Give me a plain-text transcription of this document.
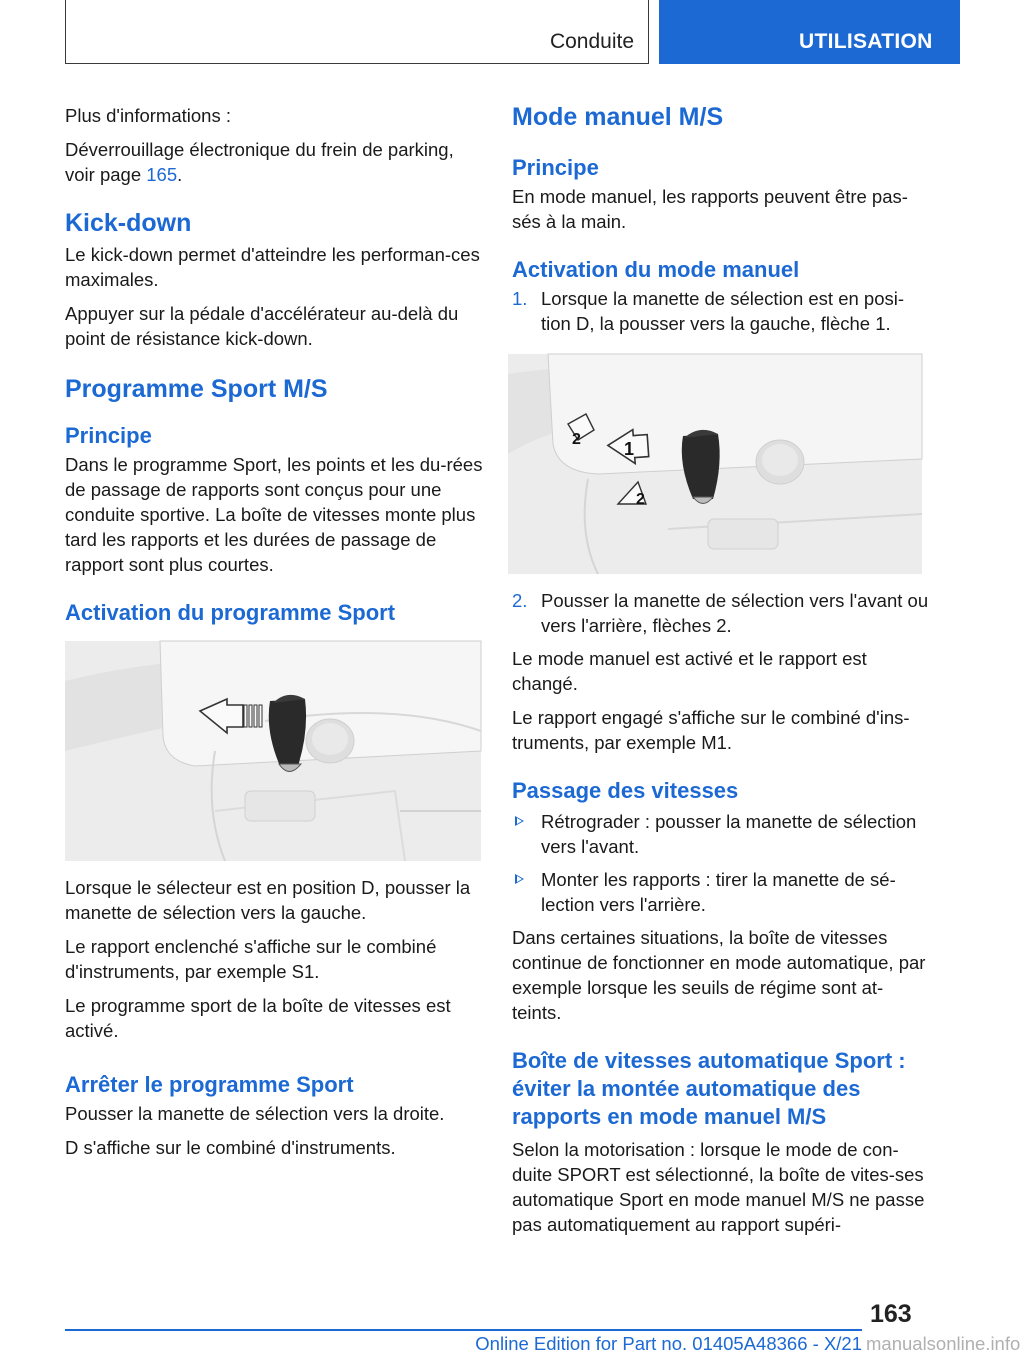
Conduite	UTILISATION

Plus d'informations :

Déverrouillage électronique du frein de parking, voir page 165.

Kick-down

Le kick-down permet d'atteindre les performan-ces maximales.

Appuyer sur la pédale d'accélérateur au-delà du point de résistance kick-down.

Programme Sport M/S
Principe

Dans le programme Sport, les points et les du-rées de passage de rapports sont conçus pour une conduite sportive. La boîte de vitesses monte plus tard les rapports et les durées de passage de rapport sont plus courtes.

Activation du programme Sport

Lorsque le sélecteur est en position D, pousser la manette de sélection vers la gauche.

Le rapport enclenché s'affiche sur le combiné d'instruments, par exemple S1.

Le programme sport de la boîte de vitesses est activé.

Arrêter le programme Sport

Pousser la manette de sélection vers la droite.

D s'affiche sur le combiné d'instruments.

Mode manuel M/S
Principe

En mode manuel, les rapports peuvent être pas-sés à la main.

Activation du mode manuel
1. Lorsque la manette de sélection est en posi-tion D, la pousser vers la gauche, flèche 1.
1
2
2
2. Pousser la manette de sélection vers l'avant ou vers l'arrière, flèches 2.

Le mode manuel est activé et le rapport est changé.

Le rapport engagé s'affiche sur le combiné d'ins-truments, par exemple M1.

Passage des vitesses
Rétrograder : pousser la manette de sélection vers l'avant.
Monter les rapports : tirer la manette de sé-lection vers l'arrière.

Dans certaines situations, la boîte de vitesses continue de fonctionner en mode automatique, par exemple lorsque les seuils de régime sont at-teints.

Boîte de vitesses automatique Sport : éviter la montée automatique des rapports en mode manuel M/S

Selon la motorisation : lorsque le mode de con-duite SPORT est sélectionné, la boîte de vites-ses automatique Sport en mode manuel M/S ne passe pas automatiquement au rapport supéri-

163
Online Edition for Part no. 01405A48366 - X/21 manualsonline.info
